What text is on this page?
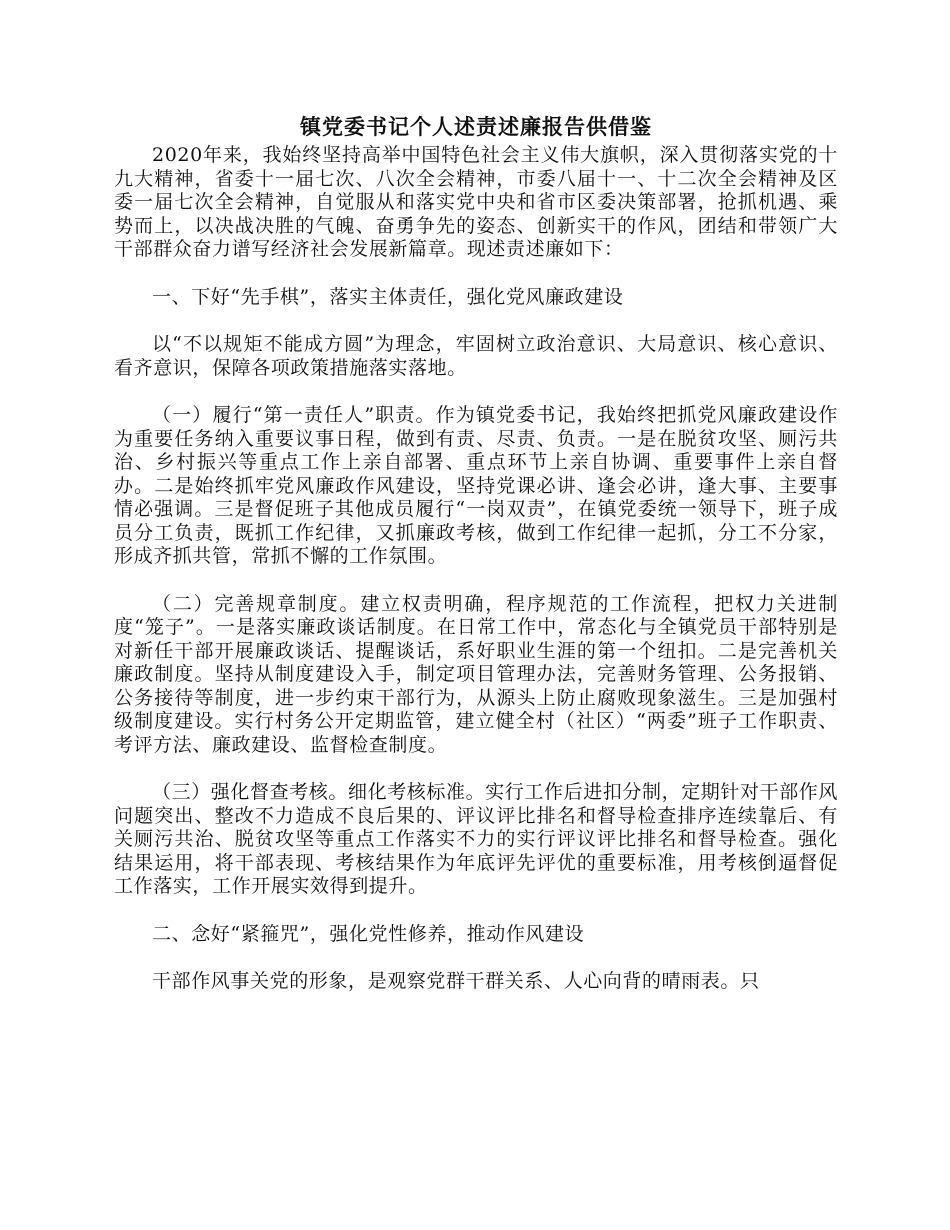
镇党委书记个人述责述廉报告供借鉴

2020年来，我始终坚持高举中国特色社会主义伟大旗帜，深入贯彻落实党的十九大精神，省委十一届七次、八次全会精神，市委八届十一、十二次全会精神及区委一届七次全会精神，自觉服从和落实党中央和省市区委决策部署，抢抓机遇、乘势而上，以决战决胜的气魄、奋勇争先的姿态、创新实干的作风，团结和带领广大干部群众奋力谱写经济社会发展新篇章。现述责述廉如下：

一、下好“先手棋”，落实主体责任，强化党风廉政建设

以“不以规矩不能成方圆”为理念，牢固树立政治意识、大局意识、核心意识、看齐意识，保障各项政策措施落实落地。

（一）履行“第一责任人”职责。作为镇党委书记，我始终把抓党风廉政建设作为重要任务纳入重要议事日程，做到有责、尽责、负责。一是在脱贫攻坚、厕污共治、乡村振兴等重点工作上亲自部署、重点环节上亲自协调、重要事件上亲自督办。二是始终抓牢党风廉政作风建设，坚持党课必讲、逢会必讲，逢大事、主要事情必强调。三是督促班子其他成员履行“一岗双责”，在镇党委统一领导下，班子成员分工负责，既抓工作纪律，又抓廉政考核，做到工作纪律一起抓，分工不分家，形成齐抓共管，常抓不懈的工作氛围。

（二）完善规章制度。建立权责明确，程序规范的工作流程，把权力关进制度“笼子”。一是落实廉政谈话制度。在日常工作中，常态化与全镇党员干部特别是对新任干部开展廉政谈话、提醒谈话，系好职业生涯的第一个纽扣。二是完善机关廉政制度。坚持从制度建设入手，制定项目管理办法，完善财务管理、公务报销、公务接待等制度，进一步约束干部行为，从源头上防止腐败现象滋生。三是加强村级制度建设。实行村务公开定期监管，建立健全村（社区）“两委”班子工作职责、考评方法、廉政建设、监督检查制度。

（三）强化督查考核。细化考核标准。实行工作后进扣分制，定期针对干部作风问题突出、整改不力造成不良后果的、评议评比排名和督导检查排序连续靠后、有关厕污共治、脱贫攻坚等重点工作落实不力的实行评议评比排名和督导检查。强化结果运用，将干部表现、考核结果作为年底评先评优的重要标准，用考核倒逼督促工作落实，工作开展实效得到提升。

二、念好“紧箍咒”，强化党性修养，推动作风建设

干部作风事关党的形象，是观察党群干群关系、人心向背的晴雨表。只
